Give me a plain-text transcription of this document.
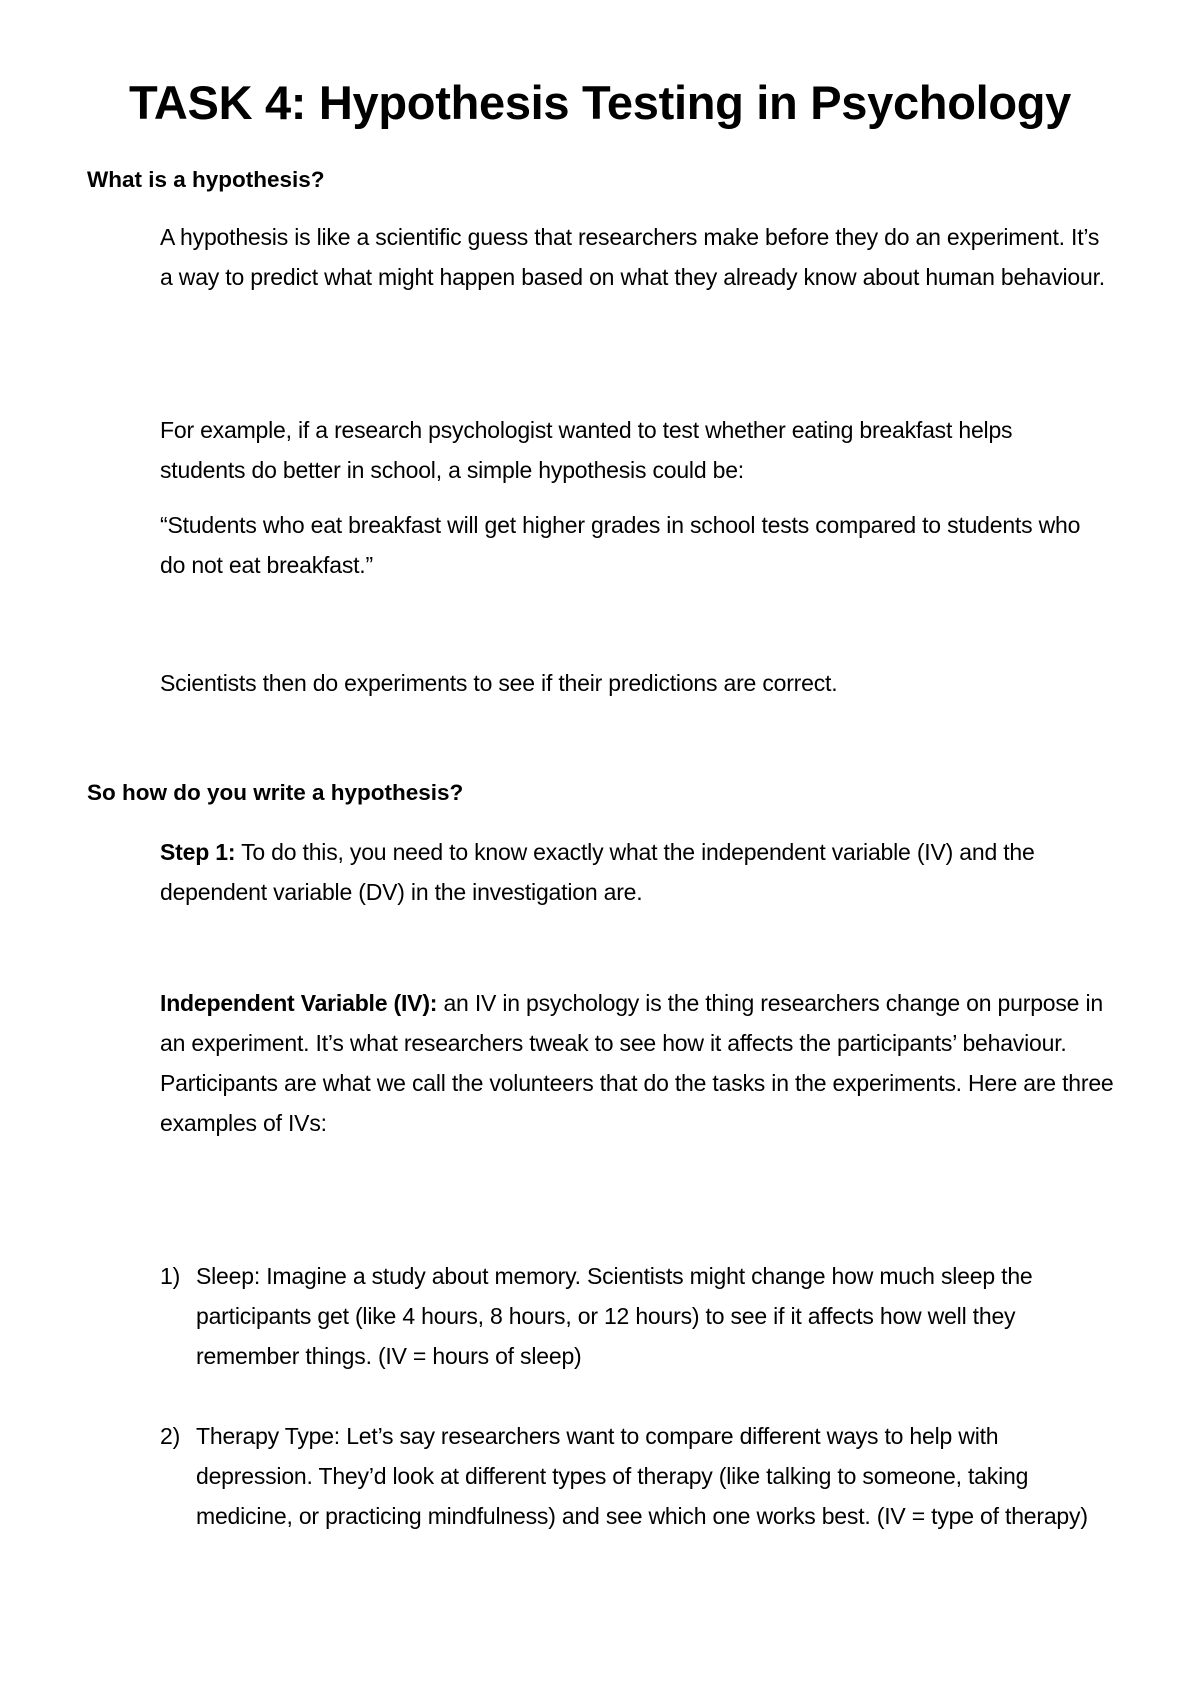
TASK 4: Hypothesis Testing in Psychology
What is a hypothesis?

A hypothesis is like a scientific guess that researchers make before they do an experiment. It’s a way to predict what might happen based on what they already know about human behaviour.

For example, if a research psychologist wanted to test whether eating breakfast helps students do better in school, a simple hypothesis could be:

“Students who eat breakfast will get higher grades in school tests compared to students who do not eat breakfast.”

Scientists then do experiments to see if their predictions are correct.

So how do you write a hypothesis?

Step 1: To do this, you need to know exactly what the independent variable (IV) and the dependent variable (DV) in the investigation are.

Independent Variable (IV): an IV in psychology is the thing researchers change on purpose in an experiment. It’s what researchers tweak to see how it affects the participants’ behaviour. Participants are what we call the volunteers that do the tasks in the experiments. Here are three examples of IVs:

1) Sleep: Imagine a study about memory. Scientists might change how much sleep the participants get (like 4 hours, 8 hours, or 12 hours) to see if it affects how well they remember things. (IV = hours of sleep)
2) Therapy Type: Let’s say researchers want to compare different ways to help with depression. They’d look at different types of therapy (like talking to someone, taking medicine, or practicing mindfulness) and see which one works best. (IV = type of therapy)
